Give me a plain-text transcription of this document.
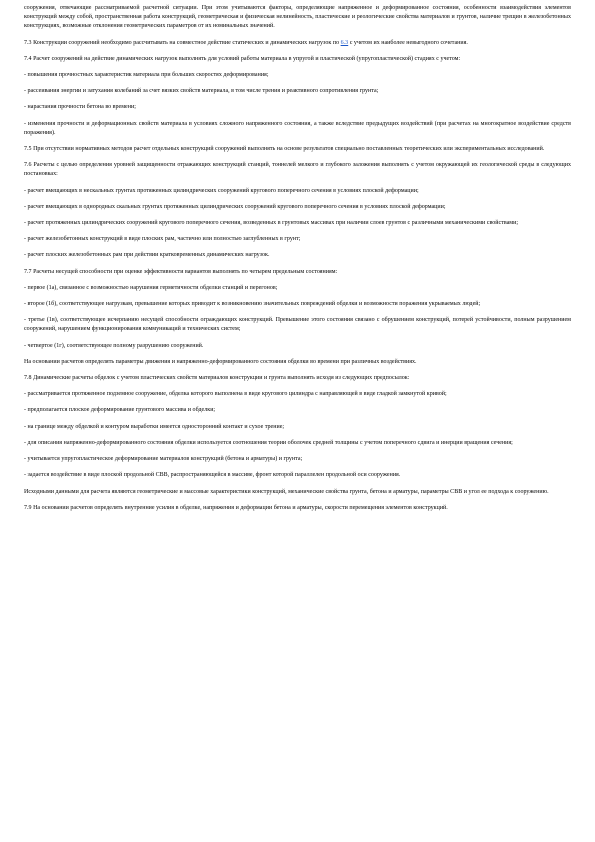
сооружения, отвечающие рассматриваемой расчетной ситуации. При этом учитываются факторы, определяющие напряженное и деформированное состояния, особенности взаимодействия элементов конструкций между собой, пространственная работа конструкций, геометрическая и физическая нелинейность, пластические и реологические свойства материалов и грунтов, наличие трещин в железобетонных конструкциях, возможные отклонения геометрических параметров от их номинальных значений.

7.3 Конструкции сооружений необходимо рассчитывать на совместное действие статических и динамических нагрузок по 6.3 с учетом их наиболее невыгодного сочетания.

7.4 Расчет сооружений на действие динамических нагрузок выполнять для условий работы материала в упругой и пластической (упругопластической) стадиях с учетом:

- повышения прочностных характеристик материала при больших скоростях деформирования;

- рассеивания энергии и затухания колебаний за счет вязких свойств материала, в том числе трения и реактивного сопротивления грунта;

- нарастания прочности бетона во времени;

- изменения прочности и деформационных свойств материала в условиях сложного напряженного состояния, а также вследствие предыдущих воздействий (при расчетах на многократное воздействие средств поражения).

7.5 При отсутствии нормативных методов расчет отдельных конструкций сооружений выполнять на основе результатов специально поставленных теоретических или экспериментальных исследований.

7.6 Расчеты с целью определения уровней защищенности отражающих конструкций станций, тоннелей мелкого и глубокого заложения выполнять с учетом окружающей их геологической среды в следующих постановках:

- расчет вмещающих в нескальных грунтах протяженных цилиндрических сооружений кругового поперечного сечения в условиях плоской деформации;

- расчет вмещающих в однородных скальных грунтах протяженных цилиндрических сооружений кругового поперечного сечения в условиях плоской деформации;

- расчет протяженных цилиндрических сооружений кругового поперечного сечения, возведенных в грунтовых массивах при наличии слоев грунтов с различными механическими свойствами;

- расчет железобетонных конструкций в виде плоских рам, частично или полностью заглубленных в грунт;

- расчет плоских железобетонных рам при действии кратковременных динамических нагрузок.

7.7 Расчеты несущей способности при оценке эффективности вариантов выполнять по четырем предельным состояниям:

- первое (1а), связанное с возможностью нарушения герметичности обделки станций и перегонов;

- второе (1б), соответствующее нагрузкам, превышение которых приводит к возникновению значительных повреждений обделки и возможности поражения укрываемых людей;

- третье (1в), соответствующее исчерпанию несущей способности ограждающих конструкций. Превышение этого состояния связано с обрушением конструкций, потерей устойчивости, полным разрушением сооружений, нарушением функционирования коммуникаций и технических систем;

- четвертое (1г), соответствующее полному разрушению сооружений.

На основании расчетов определять параметры движения и напряженно-деформированного состояния обделки во времени при различных воздействиях.

7.8 Динамические расчеты обделок с учетом пластических свойств материалов конструкции и грунта выполнять исходя из следующих предпосылок:

- рассматривается протяженное подземное сооружение, обделка которого выполнена в виде кругового цилиндра с направляющей в виде гладкой замкнутой кривой;

- предполагается плоское деформирование грунтового массива и обделки;

- на границе между обделкой и контуром выработки имеется односторонний контакт и сухое трение;

- для описания напряженно-деформированного состояния обделки используется соотношения теории оболочек средней толщины с учетом поперечного сдвига и инерции вращения сечения;

- учитывается упругопластическое деформирование материалов конструкций (бетона и арматуры) и грунта;

- задается воздействие в виде плоской продольной СВВ, распространяющейся в массиве, фронт которой параллелен продольной оси сооружения.

Исходными данными для расчета являются геометрические и массовые характеристики конструкций, механические свойства грунта, бетона и арматуры, параметры СВВ и угол ее подхода к сооружению.

7.9 На основании расчетов определять внутренние усилия в обделке, напряжения и деформации бетона и арматуры, скорости перемещения элементов конструкций.
